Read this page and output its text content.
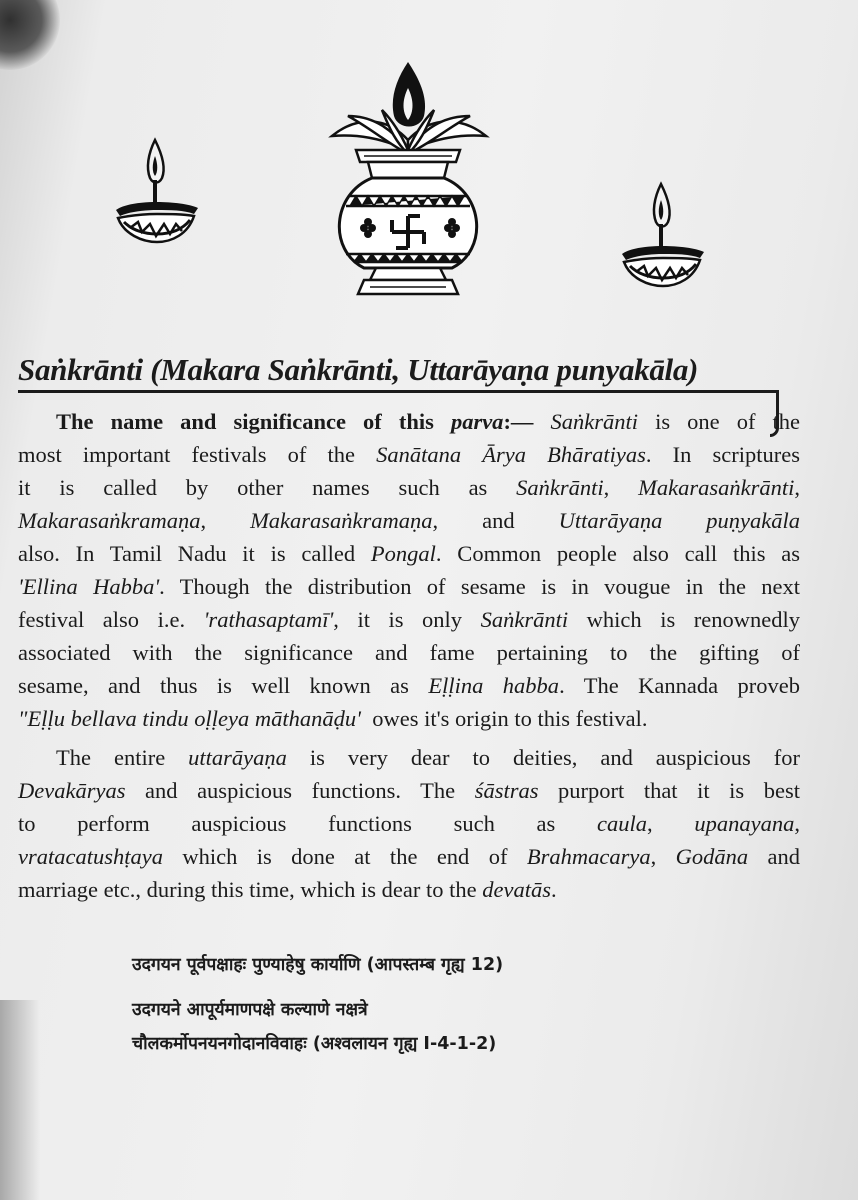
Saṅkrānti (Makara Saṅkrānti, Uttarāyaṇa punyakāla)
The name and significance of this parva:— Saṅkrānti is one of the
most important festivals of the Sanātana Ārya Bhāratiyas. In scriptures
it is called by other names such as Saṅkrānti, Makarasaṅkrānti,
Makarasaṅkramaṇa, Makarasaṅkramaṇa, and Uttarāyaṇa puṇyakāla
also. In Tamil Nadu it is called Pongal. Common people also call this as
'Ellina Habba'. Though the distribution of sesame is in vougue in the next
festival also i.e. 'rathasaptamī', it is only Saṅkrānti which is renownedly
associated with the significance and fame pertaining to the gifting of
sesame, and thus is well known as Eḷḷina habba. The Kannada proveb
"Eḷḷu bellava tindu oḷḷeya māthanāḍu'  owes it's origin to this festival.
The entire uttarāyaṇa is very dear to deities, and auspicious for
Devakāryas and auspicious functions. The śāstras purport that it is best
to perform auspicious functions such as caula, upanayana,
vratacatushṭaya which is done at the end of Brahmacarya, Godāna and
marriage etc., during this time, which is dear to the devatās.
उदगयन पूर्वपक्षाहः पुण्याहेषु कार्याणि (आपस्तम्ब गृह्य 12)
उदगयने आपूर्यमाणपक्षे कल्याणे नक्षत्रे
चौलकर्मोपनयनगोदानविवाहः (अश्वलायन गृह्य I-4-1-2)
